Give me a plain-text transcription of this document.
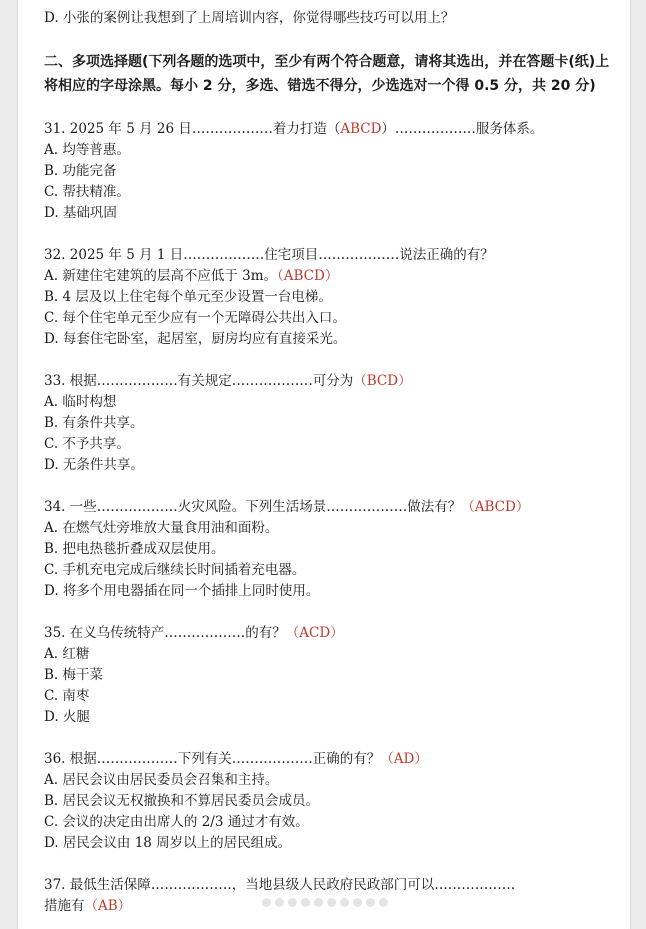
D. 小张的案例让我想到了上周培训内容，你觉得哪些技巧可以用上？
二、多项选择题(下列各题的选项中，至少有两个符合题意，请将其选出，并在答题卡(纸)上将相应的字母涂黑。每小 2 分，多选、错选不得分，少选选对一个得 0.5 分，共 20 分)
31. 2025 年 5 月 26 日………………着力打造（ABCD）………………服务体系。
A. 均等普惠。
B. 功能完备
C. 帮扶精准。
D. 基础巩固
32. 2025 年 5 月 1 日………………住宅项目………………说法正确的有？
A. 新建住宅建筑的层高不应低于 3m。（ABCD）
B. 4 层及以上住宅每个单元至少设置一台电梯。
C. 每个住宅单元至少应有一个无障碍公共出入口。
D. 每套住宅卧室，起居室，厨房均应有直接采光。
33. 根据………………有关规定………………可分为（BCD）
A. 临时构想
B. 有条件共享。
C. 不予共享。
D. 无条件共享。
34. 一些………………火灾风险。下列生活场景………………做法有？（ABCD）
A. 在燃气灶旁堆放大量食用油和面粉。
B. 把电热毯折叠成双层使用。
C. 手机充电完成后继续长时间插着充电器。
D. 将多个用电器插在同一个插排上同时使用。
35. 在义乌传统特产………………的有？（ACD）
A. 红糖
B. 梅干菜
C. 南枣
D. 火腿
36. 根据………………下列有关………………正确的有？（AD）
A. 居民会议由居民委员会召集和主持。
B. 居民会议无权撤换和不算居民委员会成员。
C. 会议的决定由出席人的 2/3 通过才有效。
D. 居民会议由 18 周岁以上的居民组成。
37. 最低生活保障………………，当地县级人民政府民政部门可以………………
措施有（AB）
